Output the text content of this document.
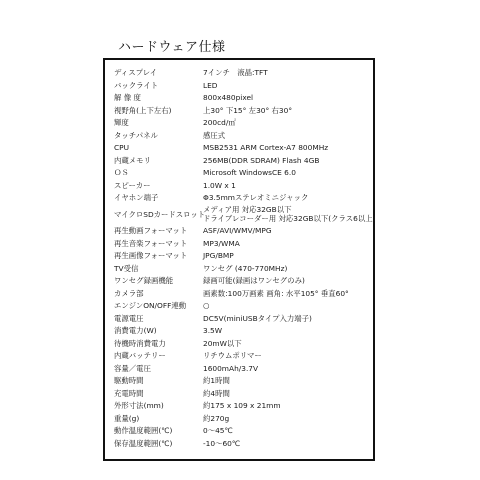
ハードウェア仕様
ディスプレイ	7インチ　液晶:TFT
バックライト	LED
解 像 度	800x480pixel
視野角(上下左右)	上30° 下15° 左30° 右30°
輝度	200cd/㎡
タッチパネル	感圧式
CPU	MSB2531 ARM Cortex-A7 800MHz
内蔵メモリ	256MB(DDR SDRAM) Flash 4GB
ＯＳ	Microsoft WindowsCE 6.0
スピーカー	1.0W x 1
イヤホン端子	Φ3.5mmステレオミニジャック
マイクロSDカードスロット
メディア用 対応32GB以下
ドライブレコーダー用 対応32GB以下(クラス6以上)
再生動画フォーマット ASF/AVI/WMV/MPG
再生音楽フォーマット MP3/WMA
再生画像フォーマット JPG/BMP
TV受信	ワンセグ (470-770MHz)
ワンセグ録画機能	録画可能(録画はワンセグのみ)
カメラ部	画素数:100万画素 画角: 水平105° 垂直60°
エンジンON/OFF連動 ○
電源電圧	DC5V(miniUSBタイプ入力端子)
消費電力(W)	3.5W
待機時消費電力	20mW以下
内蔵バッテリー	リチウムポリマー
容量／電圧	1600mAh/3.7V
駆動時間	約1時間
充電時間	約4時間
外形寸法(mm)	約175 x 109 x 21mm
重量(g)	約270g
動作温度範囲(℃)	0～45℃
保存温度範囲(℃)	-10～60℃
